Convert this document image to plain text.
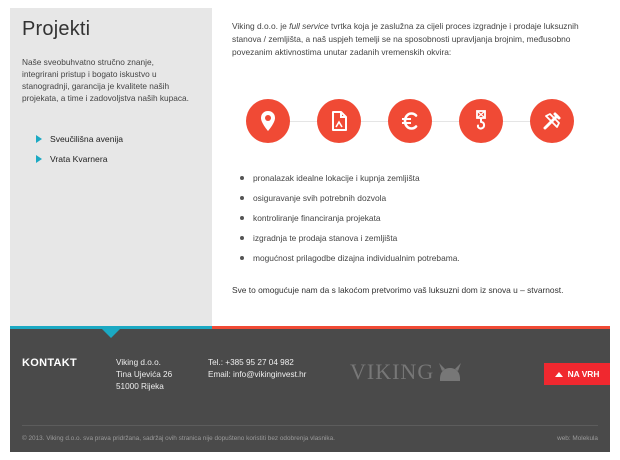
Projekti

Naše sveobuhvatno stručno znanje, integrirani pristup i bogato iskustvo u stanogradnji, garancija je kvalitete naših projekata, a time i zadovoljstva naših kupaca.

Sveučilišna avenija
Vrata Kvarnera

Viking d.o.o. je full service tvrtka koja je zaslužna za cijeli proces izgradnje i prodaje luksuznih stanova / zemljišta, a naš uspjeh temelji se na sposobnosti upravljanja brojnim, međusobno povezanim aktivnostima unutar zadanih vremenskih okvira:

pronalazak idealne lokacije i kupnja zemljišta
osiguravanje svih potrebnih dozvola
kontroliranje financiranja projekata
izgradnja te prodaja stanova i zemljišta
mogućnost prilagodbe dizajna individualnim potrebama.

Sve to omogućuje nam da s lakoćom pretvorimo vaš luksuzni dom iz snova u – stvarnost.

KONTAKT	Viking d.o.o.
Tina Ujevića 26
51000 Rijeka
Tel.: +385 95 27 04 982
Email: info@vikinginvest.hr VIKING	NA VRH
© 2013. Viking d.o.o. sva prava pridržana, sadržaj ovih stranica nije dopušteno koristiti bez odobrenja vlasnika.	web: Molekula
